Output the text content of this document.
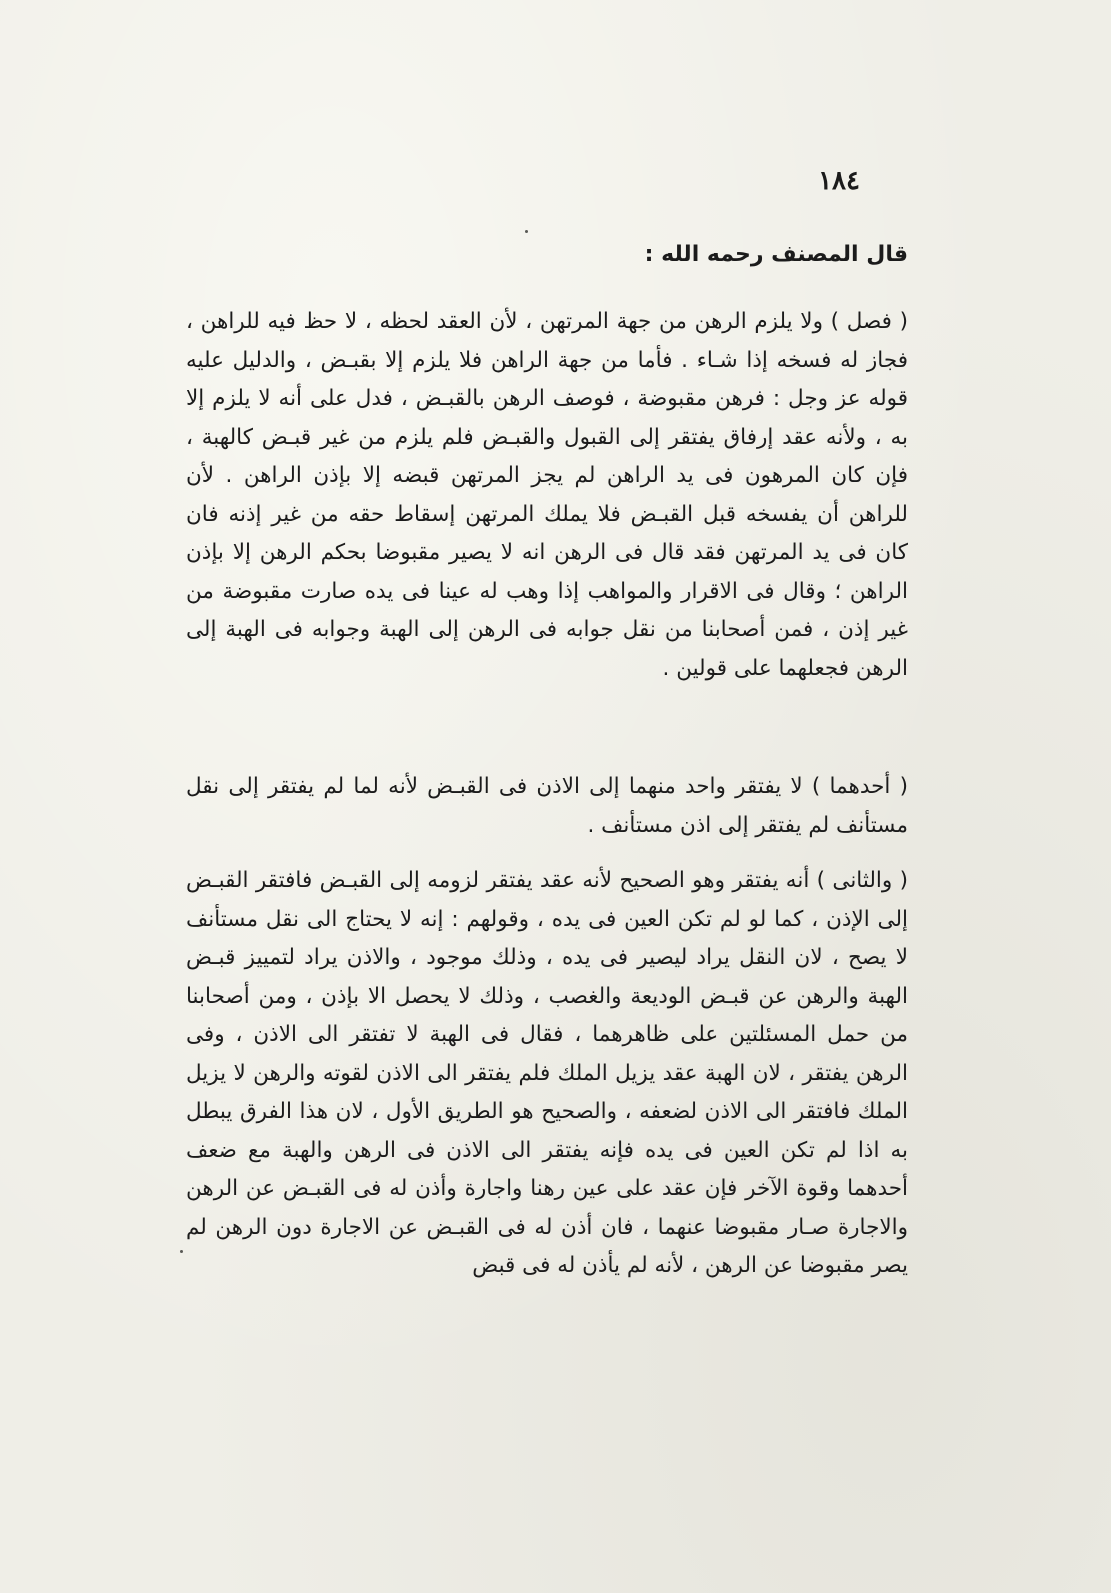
١٨٤
قال المصنف رحمه الله :
( فصل ) ولا يلزم الرهن من جهة المرتهن ، لأن العقد لحظه ، لا حظ فيه للراهن ، فجاز له فسخه إذا شـاء . فأما من جهة الراهن فلا يلزم إلا بقبـض ، والدليل عليه قوله عز وجل : فرهن مقبوضة ، فوصف الرهن بالقبـض ، فدل على أنه لا يلزم إلا به ، ولأنه عقد إرفاق يفتقر إلى القبول والقبـض فلم يلزم من غير قبـض كالهبة ، فإن كان المرهون فى يد الراهن لم يجز المرتهن قبضه إلا بإذن الراهن . لأن للراهن أن يفسخه قبل القبـض فلا يملك المرتهن إسقاط حقه من غير إذنه فان كان فى يد المرتهن فقد قال فى الرهن انه لا يصير مقبوضا بحكم الرهن إلا بإذن الراهن ؛ وقال فى الاقرار والمواهب إذا وهب له عينا فى يده صارت مقبوضة من غير إذن ، فمن أصحابنا من نقل جوابه فى الرهن إلى الهبة وجوابه فى الهبة إلى الرهن فجعلهما على قولين .
( أحدهما ) لا يفتقر واحد منهما إلى الاذن فى القبـض لأنه لما لم يفتقر إلى نقل مستأنف لم يفتقر إلى اذن مستأنف .
( والثانى ) أنه يفتقر وهو الصحيح لأنه عقد يفتقر لزومه إلى القبـض فافتقر القبـض إلى الإذن ، كما لو لم تكن العين فى يده ، وقولهم : إنه لا يحتاج الى نقل مستأنف لا يصح ، لان النقل يراد ليصير فى يده ، وذلك موجود ، والاذن يراد لتمييز قبـض الهبة والرهن عن قبـض الوديعة والغصب ، وذلك لا يحصل الا بإذن ، ومن أصحابنا من حمل المسئلتين على ظاهرهما ، فقال فى الهبة لا تفتقر الى الاذن ، وفى الرهن يفتقر ، لان الهبة عقد يزيل الملك فلم يفتقر الى الاذن لقوته والرهن لا يزيل الملك فافتقر الى الاذن لضعفه ، والصحيح هو الطريق الأول ، لان هذا الفرق يبطل به اذا لم تكن العين فى يده فإنه يفتقر الى الاذن فى الرهن والهبة مع ضعف أحدهما وقوة الآخر فإن عقد على عين رهنا واجارة وأذن له فى القبـض عن الرهن والاجارة صـار مقبوضا عنهما ، فان أذن له فى القبـض عن الاجارة دون الرهن لم يصر مقبوضا عن الرهن ، لأنه لم يأذن له فى قبض
